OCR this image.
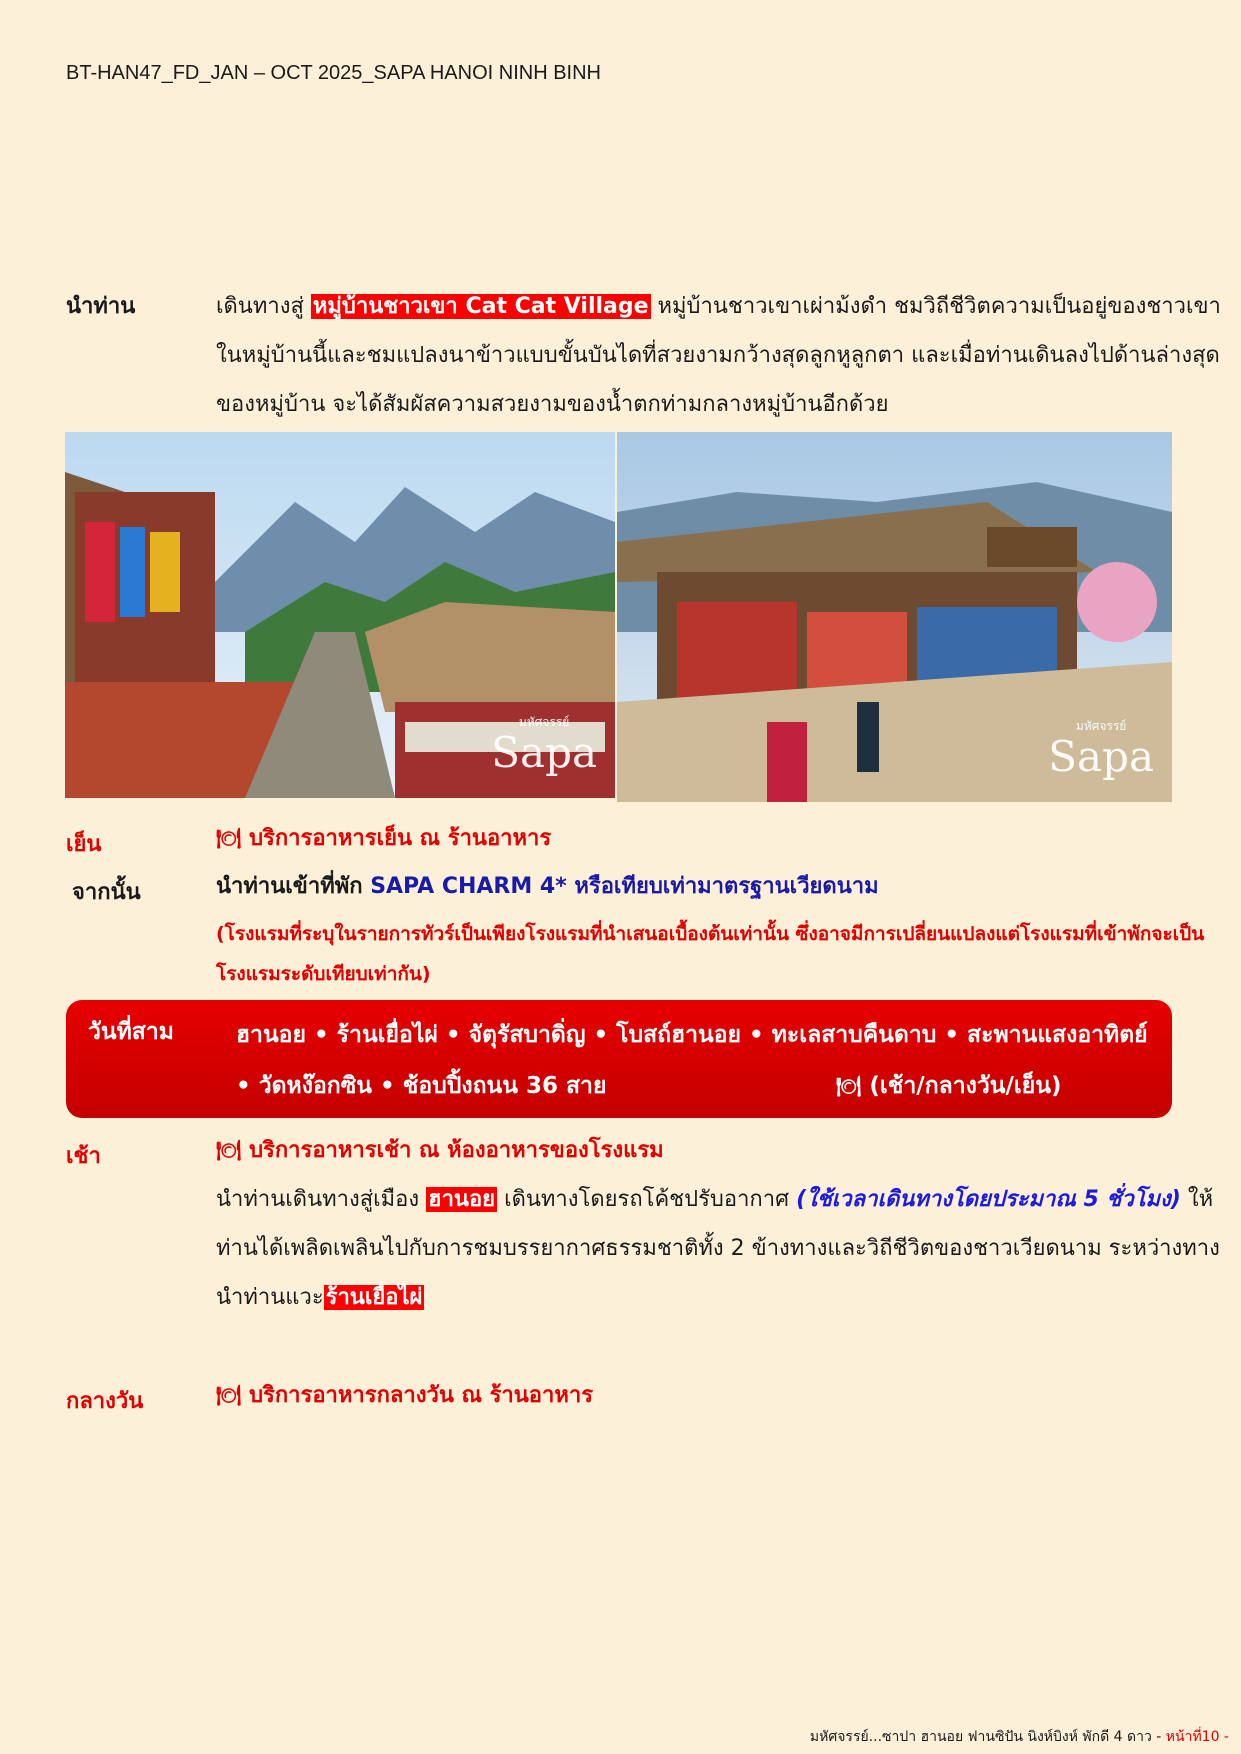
BT-HAN47_FD_JAN – OCT 2025_SAPA HANOI NINH BINH
นำท่าน	เดินทางสู่ หมู่บ้านชาวเขา Cat Cat Village หมู่บ้านชาวเขาเผ่าม้งดำ ชมวิถีชีวิตความเป็นอยู่ของชาวเขาในหมู่บ้านนี้และชมแปลงนาข้าวแบบขั้นบันไดที่สวยงามกว้างสุดลูกหูลูกตา และเมื่อท่านเดินลงไปด้านล่างสุดของหมู่บ้าน จะได้สัมผัสความสวยงามของน้ำตกท่ามกลางหมู่บ้านอีกด้วย
มหัศจรรย์
Sapa
มหัศจรรย์
Sapa
เย็น	🍽 บริการอาหารเย็น ณ ร้านอาหาร
จากนั้น	นำท่านเข้าที่พัก SAPA CHARM 4* หรือเทียบเท่ามาตรฐานเวียดนาม
(โรงแรมที่ระบุในรายการทัวร์เป็นเพียงโรงแรมที่นำเสนอเบื้องต้นเท่านั้น ซึ่งอาจมีการเปลี่ยนแปลงแต่โรงแรมที่เข้าพักจะเป็นโรงแรมระดับเทียบเท่ากัน)
วันที่สาม	ฮานอย • ร้านเยื่อไผ่ • จัตุรัสบาดิ่ญ • โบสถ์ฮานอย • ทะเลสาบคืนดาบ • สะพานแสงอาทิตย์ • วัดหง๊อกซิน • ช้อบปิ้งถนน 36 สาย	🍽 (เช้า/กลางวัน/เย็น)
เช้า	🍽 บริการอาหารเช้า ณ ห้องอาหารของโรงแรม
นำท่านเดินทางสู่เมือง ฮานอย เดินทางโดยรถโค้ชปรับอากาศ (ใช้เวลาเดินทางโดยประมาณ 5 ชั่วโมง) ให้ท่านได้เพลิดเพลินไปกับการชมบรรยากาศธรรมชาติทั้ง 2 ข้างทางและวิถีชีวิตของชาวเวียดนาม ระหว่างทางนำท่านแวะร้านเยื่อไผ่
กลางวัน	🍽 บริการอาหารกลางวัน ณ ร้านอาหาร
มหัศจรรย์...ซาปา ฮานอย ฟานซิปัน นิงห์บิงห์ พักดี 4 ดาว - หน้าที่10 -
